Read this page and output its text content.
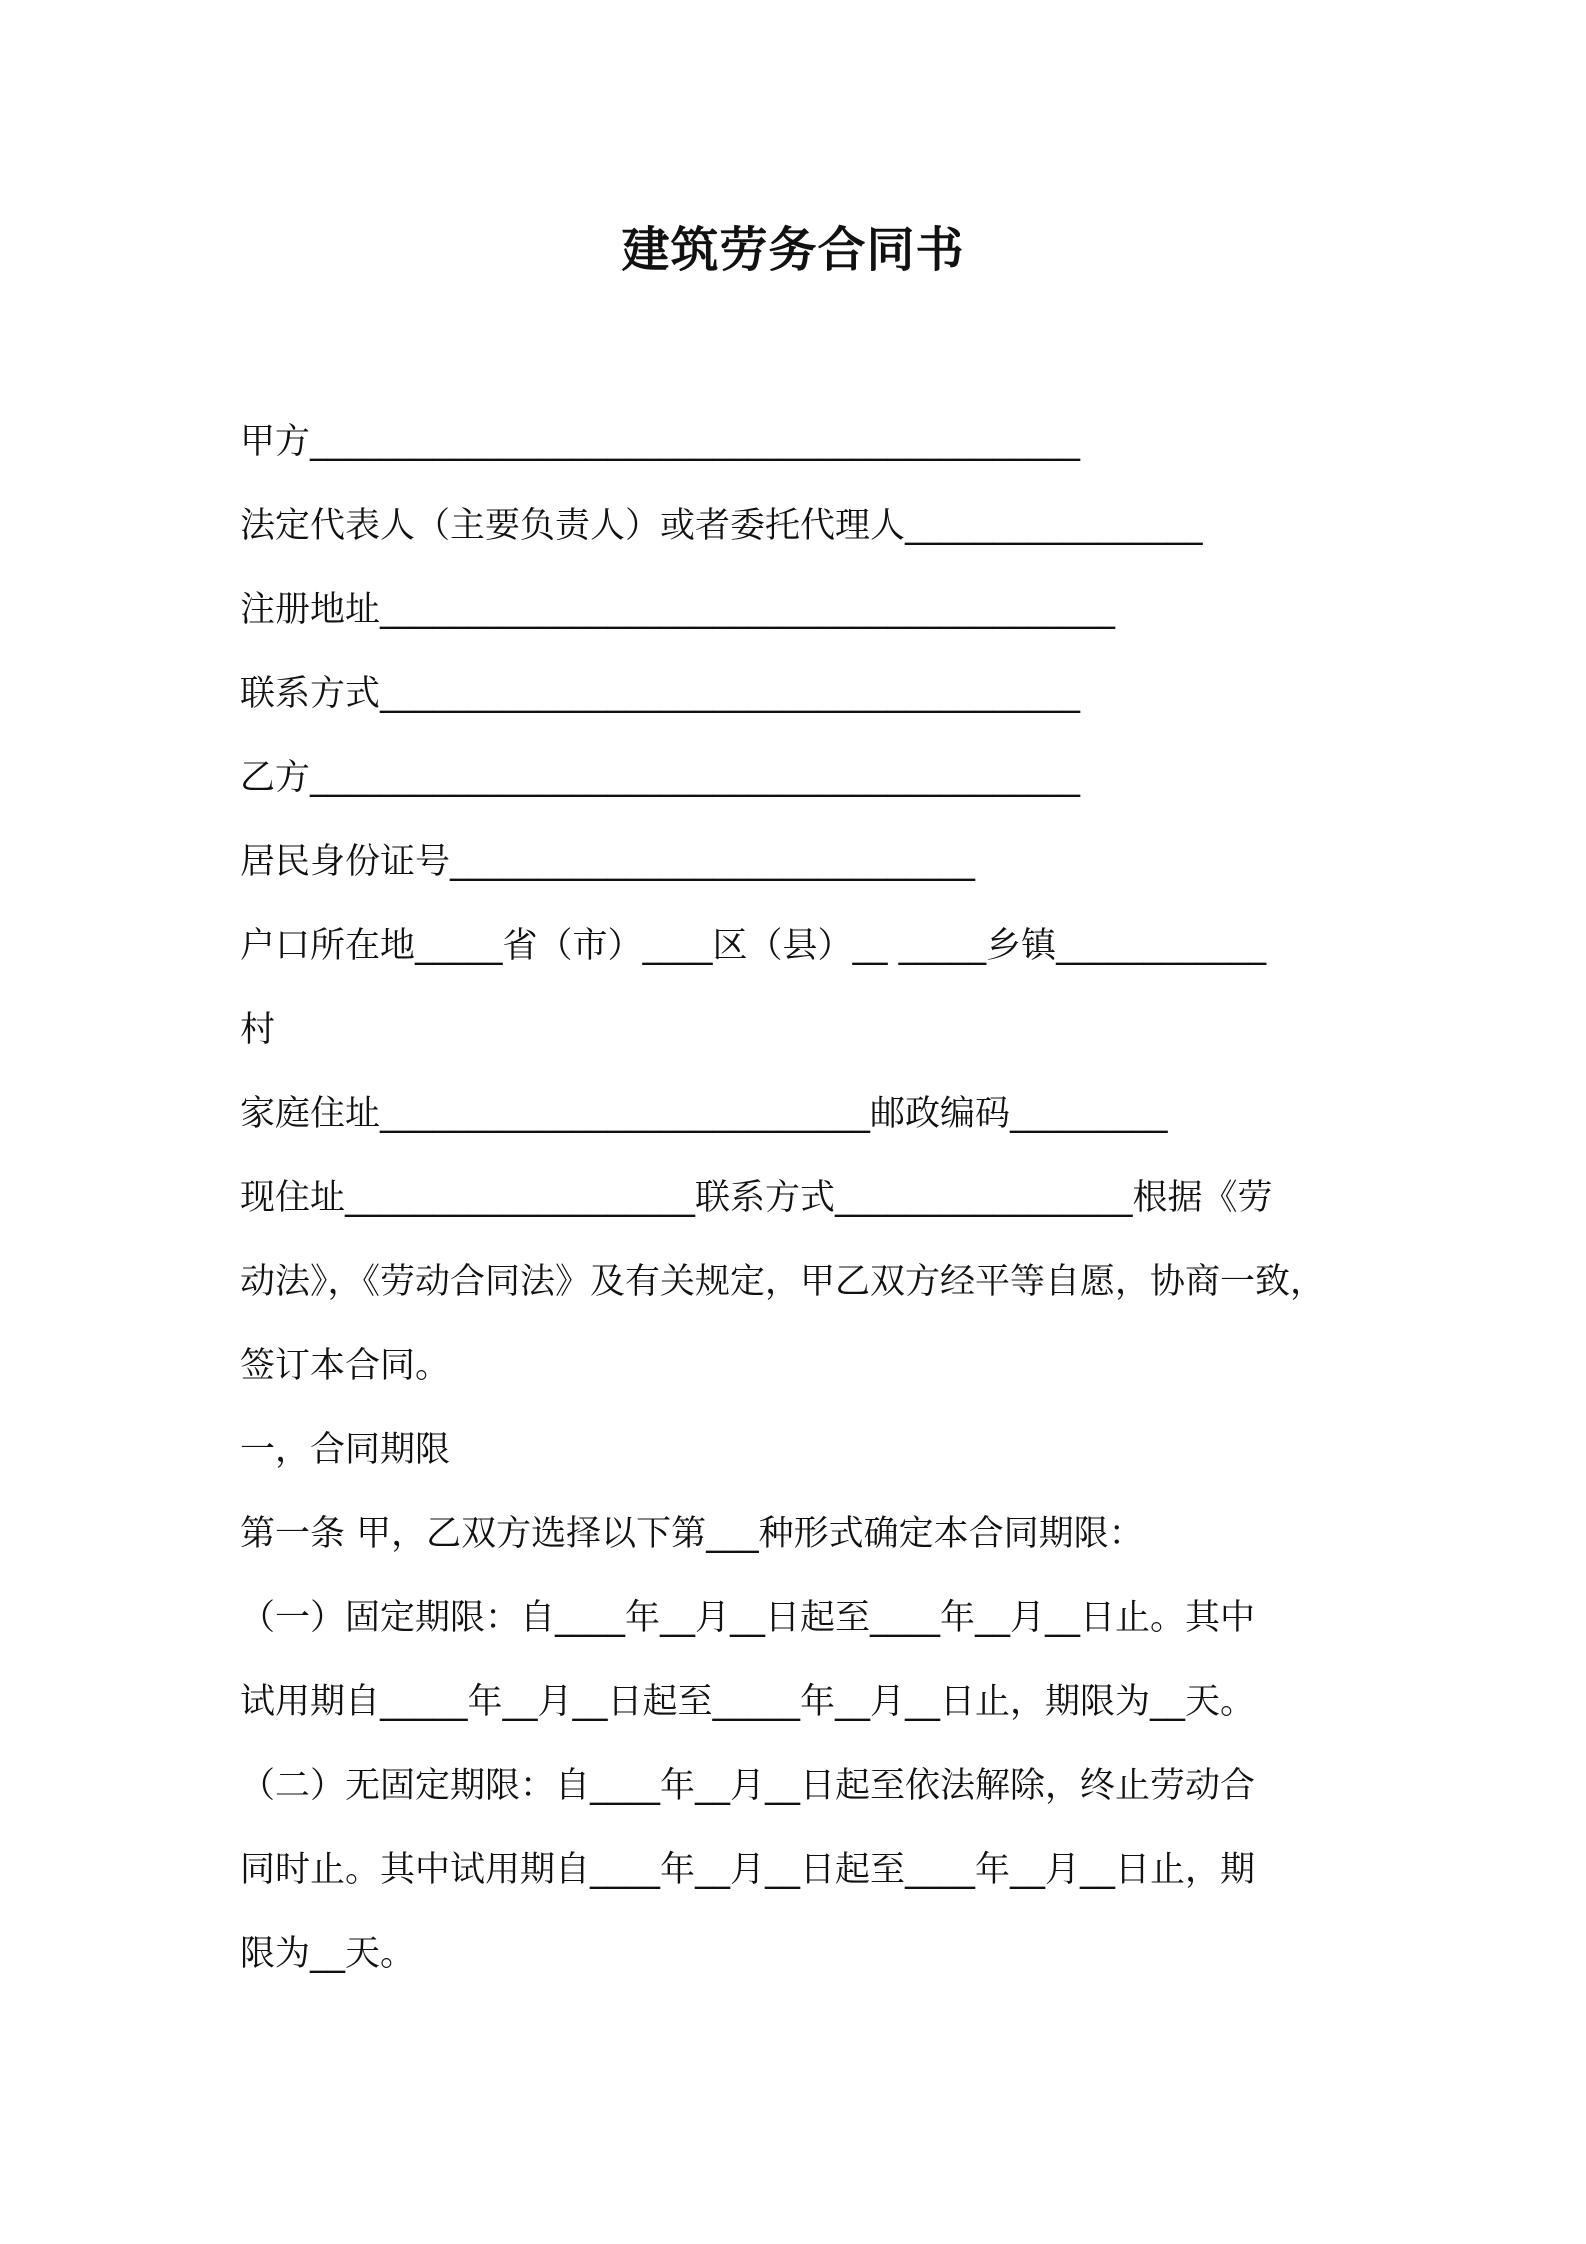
建筑劳务合同书
甲方____________________________________________
法定代表人（主要负责人）或者委托代理人_________________
注册地址__________________________________________
联系方式________________________________________
乙方____________________________________________
居民身份证号______________________________
户口所在地_____省（市）____区（县）__ _____乡镇____________
村
家庭住址____________________________邮政编码_________
现住址____________________联系方式_________________根据《劳
动法》，《劳动合同法》及有关规定，甲乙双方经平等自愿，协商一致，
签订本合同。
一，合同期限
第一条 甲，乙双方选择以下第___种形式确定本合同期限：
（一）固定期限：自____年__月__日起至____年__月__日止。其中
试用期自_____年__月__日起至_____年__月__日止，期限为__天。
（二）无固定期限：自____年__月__日起至依法解除，终止劳动合
同时止。其中试用期自____年__月__日起至____年__月__日止，期
限为__天。
